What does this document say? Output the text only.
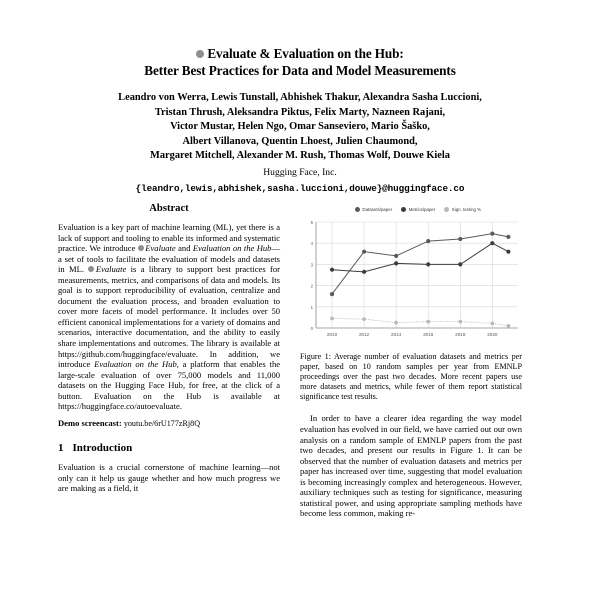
Evaluate & Evaluation on the Hub:
Better Best Practices for Data and Model Measurements
Leandro von Werra, Lewis Tunstall, Abhishek Thakur, Alexandra Sasha Luccioni,
Tristan Thrush, Aleksandra Piktus, Felix Marty, Nazneen Rajani,
Victor Mustar, Helen Ngo, Omar Sanseviero, Mario Šaško,
Albert Villanova, Quentin Lhoest, Julien Chaumond,
Margaret Mitchell, Alexander M. Rush, Thomas Wolf, Douwe Kiela
Hugging Face, Inc.
{leandro,lewis,abhishek,sasha.luccioni,douwe}@huggingface.co
Abstract

Evaluation is a key part of machine learning (ML), yet there is a lack of support and tooling to enable its informed and systematic practice. We introduce Evaluate and Evaluation on the Hub—a set of tools to facilitate the evaluation of models and datasets in ML. Evaluate is a library to support best practices for measurements, metrics, and comparisons of data and models. Its goal is to support reproducibility of evaluation, centralize and document the evaluation process, and broaden evaluation to cover more facets of model performance. It includes over 50 efficient canonical implementations for a variety of domains and scenarios, interactive documentation, and the ability to easily share implementations and outcomes. The library is available at https://github.com/huggingface/evaluate. In addition, we introduce Evaluation on the Hub, a platform that enables the large-scale evaluation of over 75,000 models and 11,000 datasets on the Hugging Face Hub, for free, at the click of a button. Evaluation on the Hub is available at https://huggingface.co/autoevaluate.

Demo screencast: youtu.be/6rU177zRj8Q

1 Introduction

Evaluation is a crucial cornerstone of machine learning—not only can it help us gauge whether and how much progress we are making as a field, it

Datasets/paper	Metrics/paper	Sign. testing %
0
1
2
3
4
5
2010	2012	2014	2016	2018	2020
Figure 1: Average number of evaluation datasets and metrics per paper, based on 10 random samples per year from EMNLP proceedings over the past two decades. More recent papers use more datasets and metrics, while fewer of them report statistical significance test results.

In order to have a clearer idea regarding the way model evaluation has evolved in our field, we have carried out our own analysis on a random sample of EMNLP papers from the past two decades, and present our results in Figure 1. It can be observed that the number of evaluation datasets and metrics per paper has increased over time, suggesting that model evaluation is becoming increasingly complex and heterogeneous. However, auxiliary techniques such as testing for significance, measuring statistical power, and using appropriate sampling methods have become less common, making re-
